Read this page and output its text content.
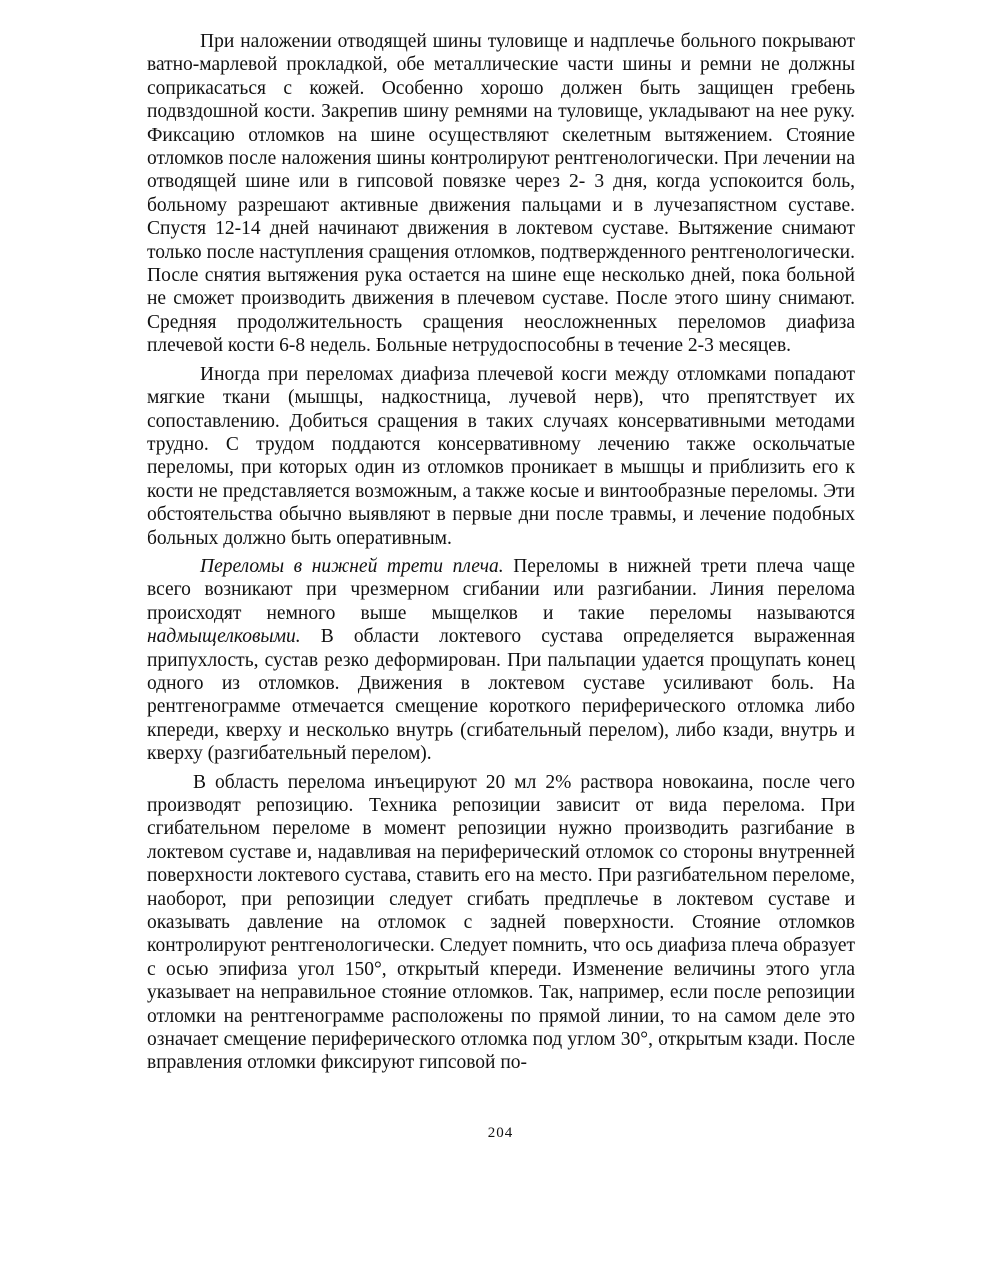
При наложении отводящей шины туловище и надплечье больного покрывают ватно-марлевой прокладкой, обе металлические части шины и ремни не должны соприкасаться с кожей. Особенно хорошо должен быть защищен гребень подвздошной кости. Закрепив шину ремнями на туловище, укладывают на нее руку. Фиксацию отломков на шине осуществляют скелетным вытяжением. Стояние отломков после наложения шины контролируют рентгенологически. При лечении на отводящей шине или в гипсовой повязке через 2- 3 дня, когда успокоится боль, больному разрешают активные движения пальцами и в лучезапястном суставе. Спустя 12-14 дней начинают движения в локтевом суставе. Вытяжение снимают только после наступления сращения отломков, подтвержденного рентгенологически. После снятия вытяжения рука остается на шине еще несколько дней, пока больной не сможет производить движения в плечевом суставе. После этого шину снимают. Средняя продолжительность сращения неосложненных переломов диафиза плечевой кости 6-8 недель. Больные нетрудоспособны в течение 2-3 месяцев.

Иногда при переломах диафиза плечевой косги между отломками попадают мягкие ткани (мышцы, надкостница, лучевой нерв), что препятствует их сопоставлению. Добиться сращения в таких случаях консервативными методами трудно. С трудом поддаются консервативному лечению также оскольчатые переломы, при которых один из отломков проникает в мышцы и приблизить его к кости не представляется возможным, а также косые и винтообразные переломы. Эти обстоятельства обычно выявляют в первые дни после травмы, и лечение подобных больных должно быть оперативным.

Переломы в нижней трети плеча. Переломы в нижней трети плеча чаще всего возникают при чрезмерном сгибании или разгибании. Линия перелома происходят немного выше мыщелков и такие переломы называются надмыщелковыми. В области локтевого сустава определяется выраженная припухлость, сустав резко деформирован. При пальпации удается прощупать конец одного из отломков. Движения в локтевом суставе усиливают боль. На рентгенограмме отмечается смещение короткого периферического отломка либо кпереди, кверху и несколько внутрь (сгибательный перелом), либо кзади, внутрь и кверху (разгибательный перелом).

В область перелома инъецируют 20 мл 2% раствора новокаина, после чего производят репозицию. Техника репозиции зависит от вида перелома. При сгибательном переломе в момент репозиции нужно производить разгибание в локтевом суставе и, надавливая на периферический отломок со стороны внутренней поверхности локтевого сустава, ставить его на место. При разгибательном переломе, наоборот, при репозиции следует сгибать предплечье в локтевом суставе и оказывать давление на отломок с задней поверхности. Стояние отломков контролируют рентгенологически. Следует помнить, что ось диафиза плеча образует с осью эпифиза угол 150°, открытый кпереди. Изменение величины этого угла указывает на неправильное стояние отломков. Так, например, если после репозиции отломки на рентгенограмме расположены по прямой линии, то на самом деле это означает смещение периферического отломка под углом 30°, открытым кзади. После вправления отломки фиксируют гипсовой по-

204
